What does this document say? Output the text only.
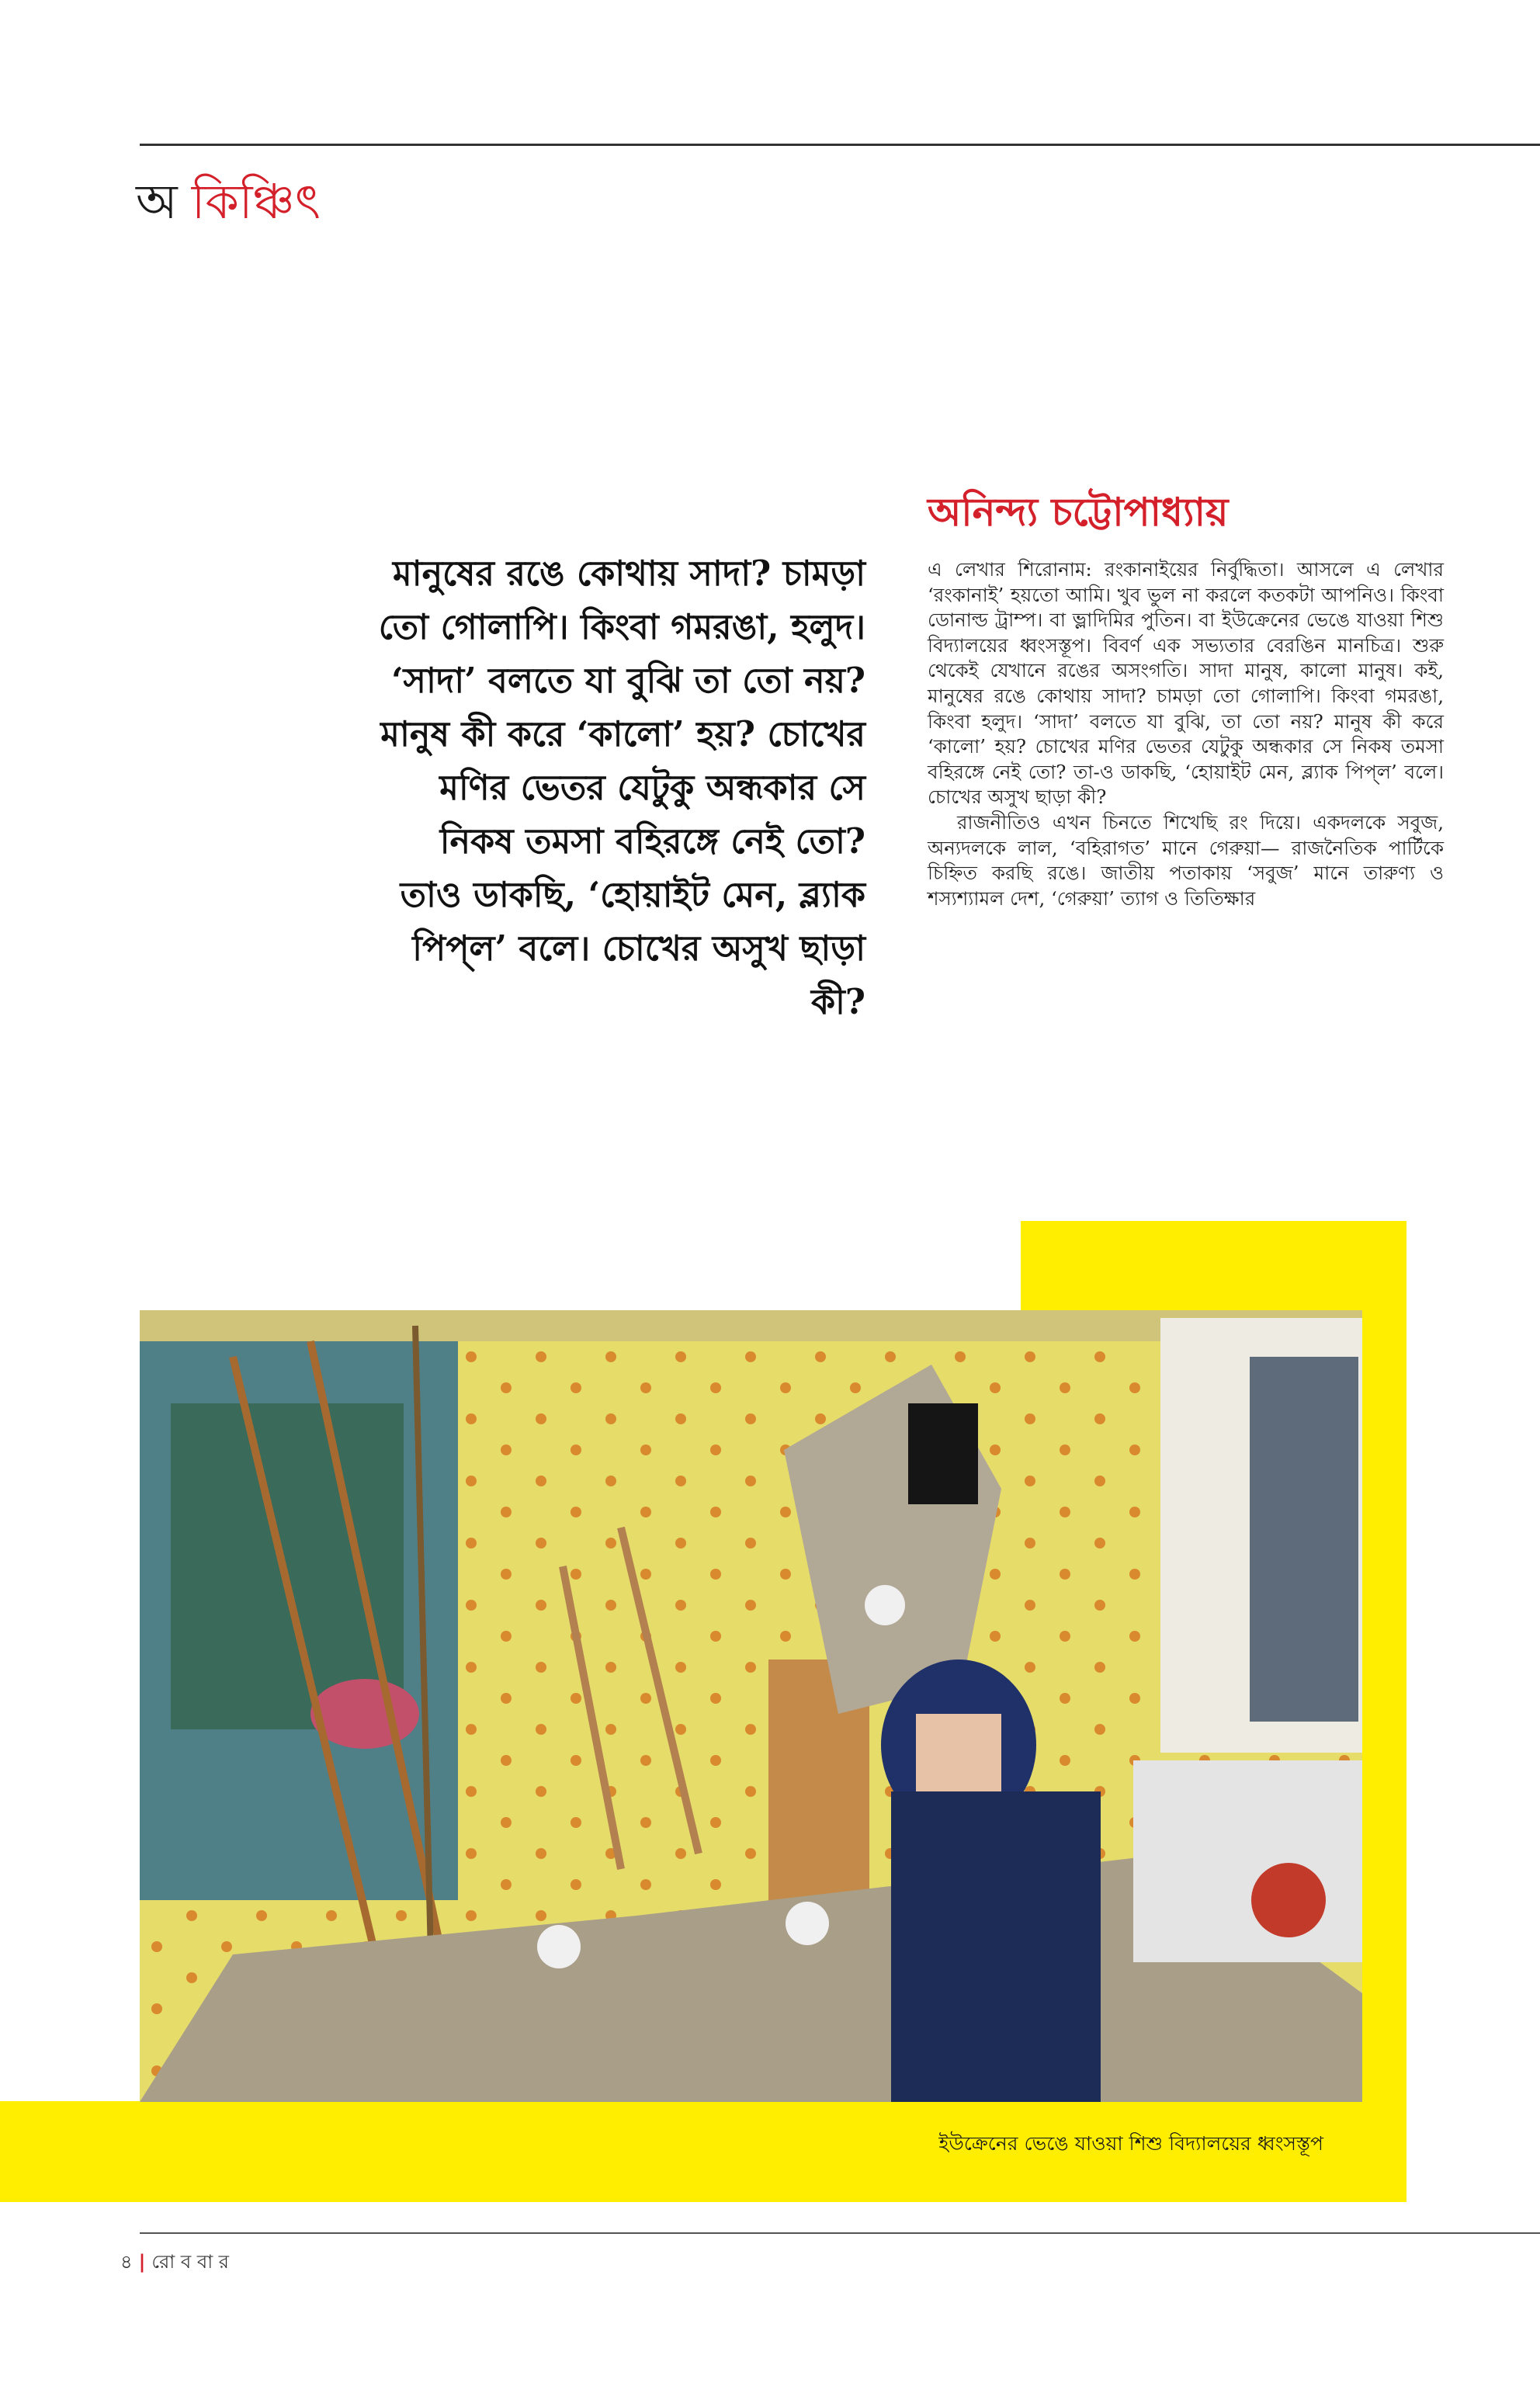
অ কিঞ্চিৎ
অনিন্দ্য চট্টোপাধ্যায়
মানুষের রঙে কোথায় সাদা? চামড়া তো গোলাপি। কিংবা গমরঙা, হলুদ। ‘সাদা’ বলতে যা বুঝি তা তো নয়? মানুষ কী করে ‘কালো’ হয়? চোখের মণির ভেতর যেটুকু অন্ধকার সে নিকষ তমসা বহিরঙ্গে নেই তো? তাও ডাকছি, ‘হোয়াইট মেন, ব্ল্যাক পিপ্‌ল’ বলে। চোখের অসুখ ছাড়া কী?

এ লেখার শিরোনাম: রংকানাইয়ের নির্বুদ্ধিতা। আসলে এ লেখার ‘রংকানাই’ হয়তো আমি। খুব ভুল না করলে কতকটা আপনিও। কিংবা ডোনাল্ড ট্রাম্প। বা ভ্লাদিমির পুতিন। বা ইউক্রেনের ভেঙে যাওয়া শিশু বিদ্যালয়ের ধ্বংসস্তূপ। বিবর্ণ এক সভ্যতার বেরঙিন মানচিত্র। শুরু থেকেই যেখানে রঙের অসংগতি। সাদা মানুষ, কালো মানুষ। কই, মানুষের রঙে কোথায় সাদা? চামড়া তো গোলাপি। কিংবা গমরঙা, কিংবা হলুদ। ‘সাদা’ বলতে যা বুঝি, তা তো নয়? মানুষ কী করে ‘কালো’ হয়? চোখের মণির ভেতর যেটুকু অন্ধকার সে নিকষ তমসা বহিরঙ্গে নেই তো? তা-ও ডাকছি, ‘হোয়াইট মেন, ব্ল্যাক পিপ্‌ল’ বলে। চোখের অসুখ ছাড়া কী?

রাজনীতিও এখন চিনতে শিখেছি রং দিয়ে। একদলকে সবুজ, অন্যদলকে লাল, ‘বহিরাগত’ মানে গেরুয়া— রাজনৈতিক পার্টিকে চিহ্নিত করছি রঙে। জাতীয় পতাকায় ‘সবুজ’ মানে তারুণ্য ও শস্যশ্যামল দেশ, ‘গেরুয়া’ ত্যাগ ও তিতিক্ষার

ইউক্রেনের ভেঙে যাওয়া শিশু বিদ্যালয়ের ধ্বংসস্তূপ
৪ | রো ব বা র
